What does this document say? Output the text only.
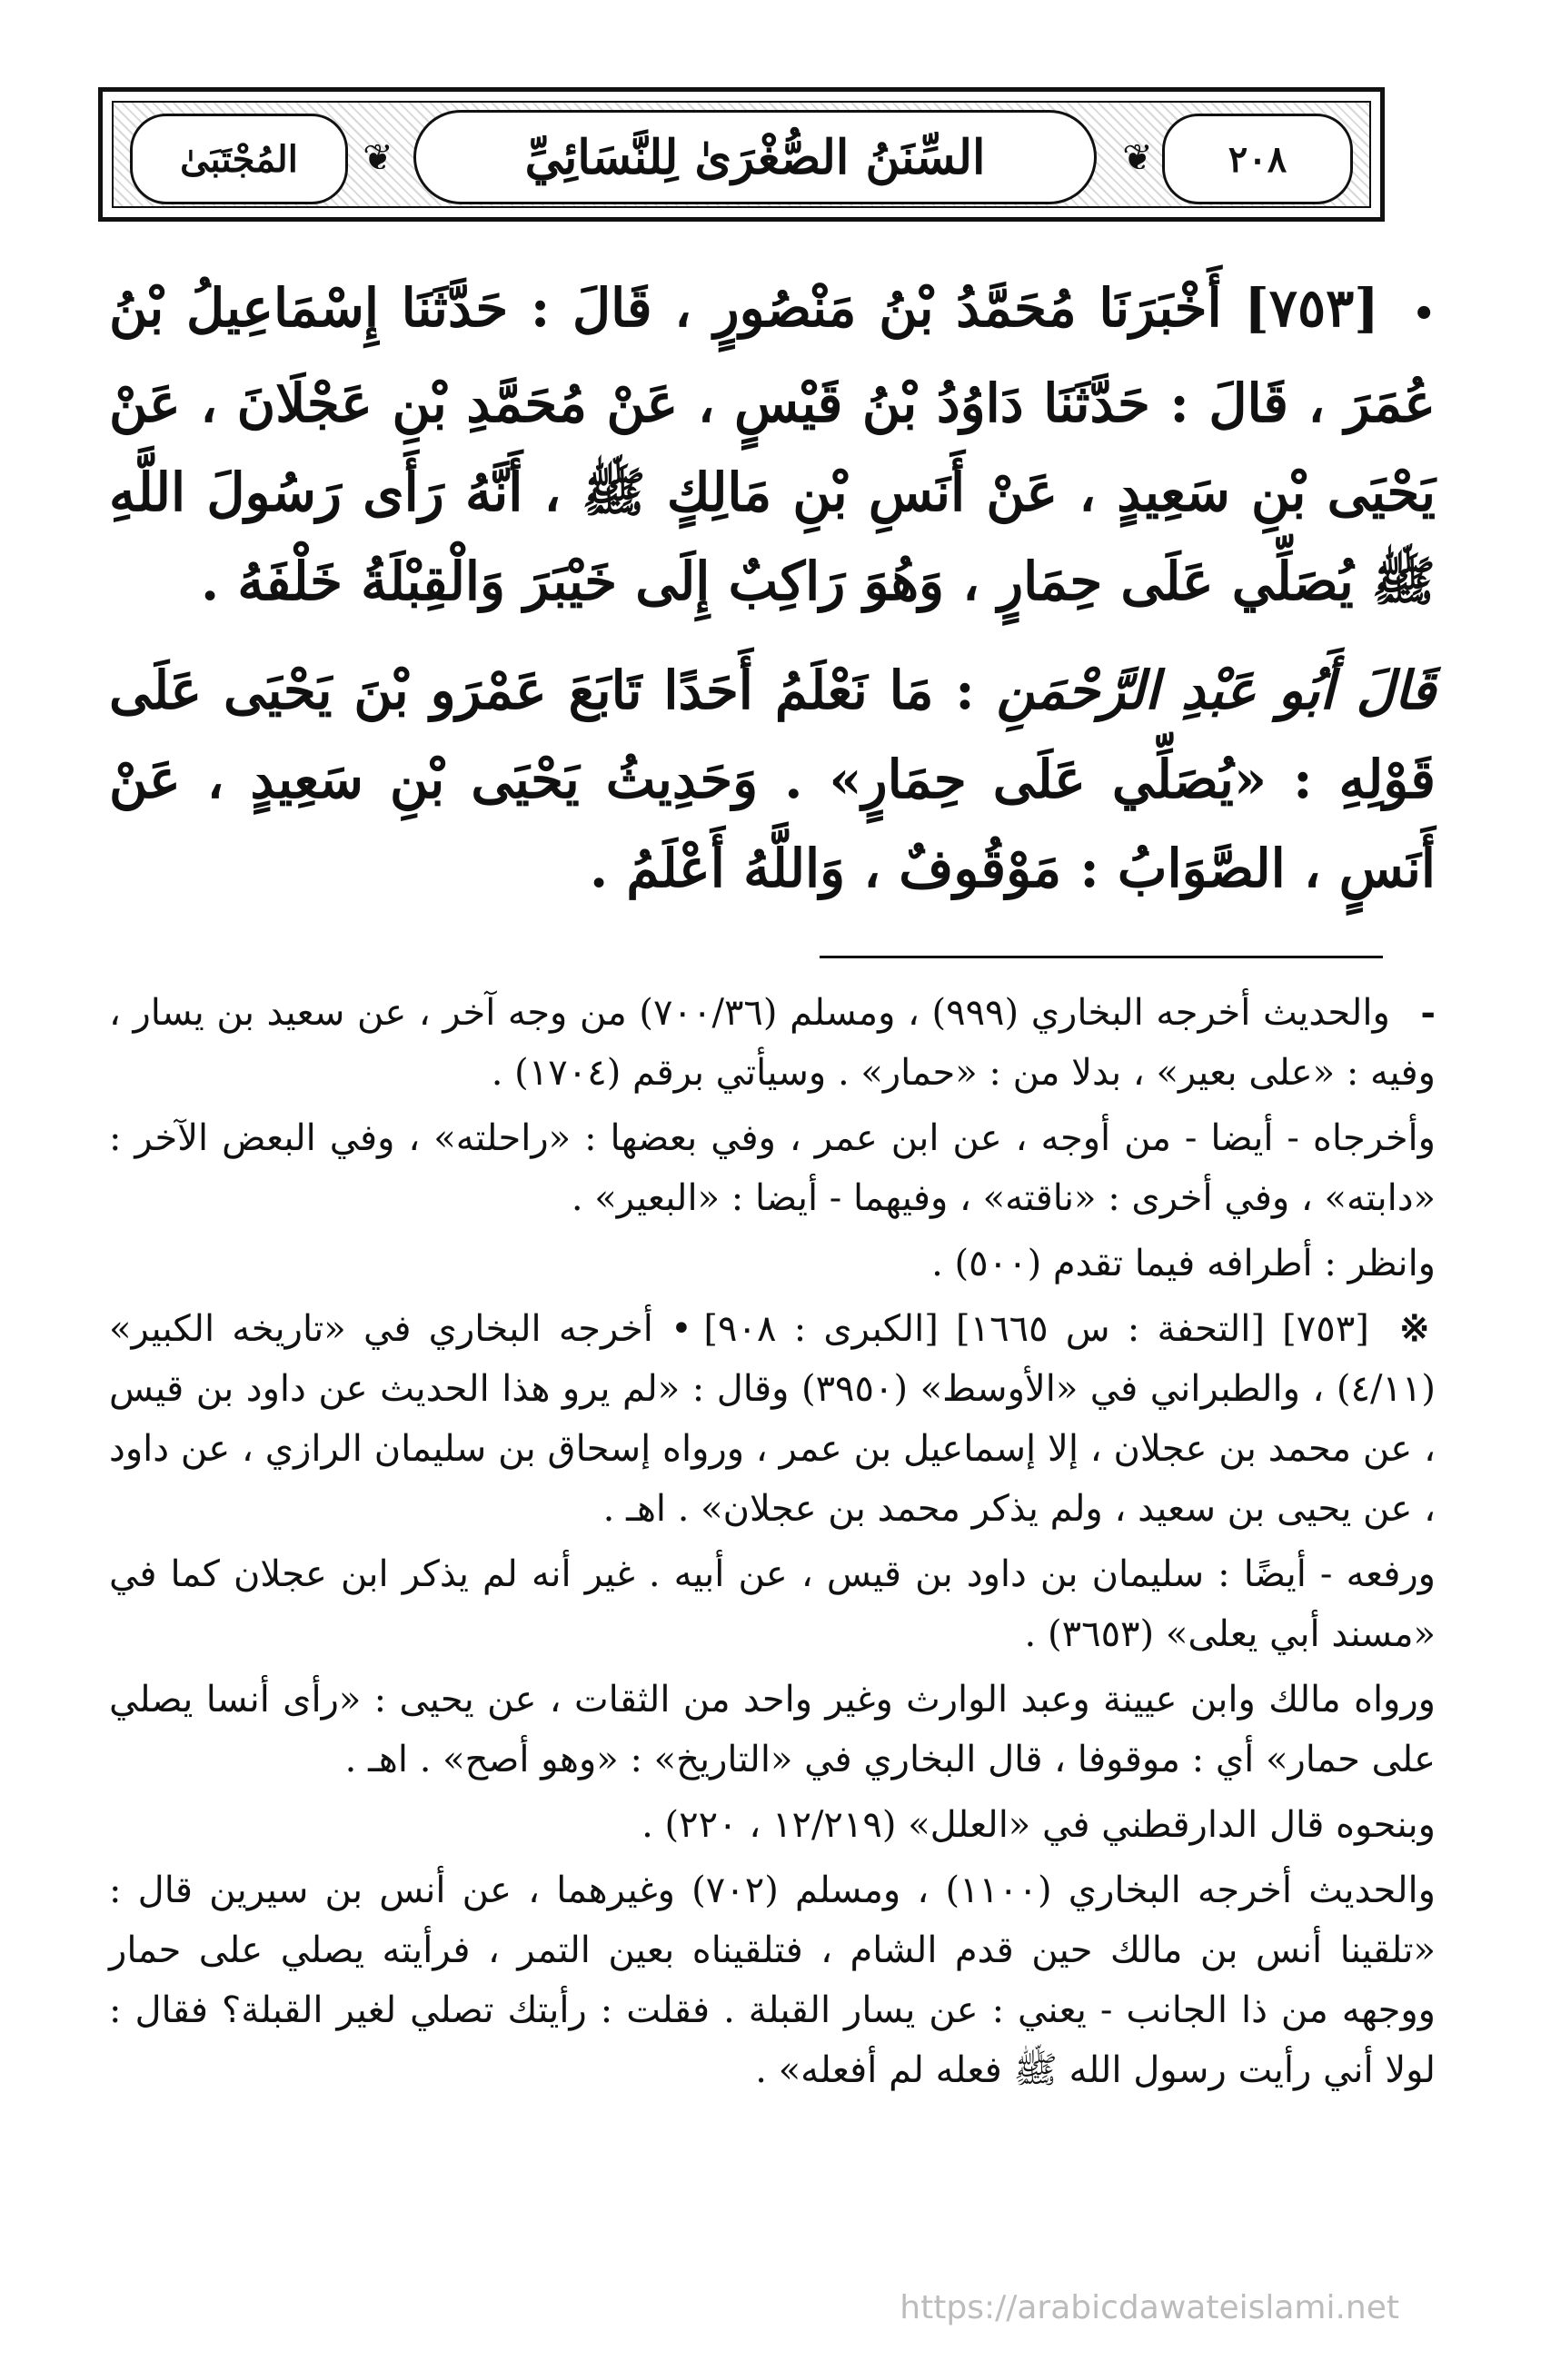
المُجْتَبَىٰ ❦	السِّنَنُ الصُّغْرَىٰ لِلنَّسَائِيِّ	❦ ٢٠٨

• [٧٥٣] أَخْبَرَنَا مُحَمَّدُ بْنُ مَنْصُورٍ ، قَالَ : حَدَّثَنَا إِسْمَاعِيلُ بْنُ عُمَرَ ، قَالَ : حَدَّثَنَا دَاوُدُ بْنُ قَيْسٍ ، عَنْ مُحَمَّدِ بْنِ عَجْلَانَ ، عَنْ يَحْيَى بْنِ سَعِيدٍ ، عَنْ أَنَسِ بْنِ مَالِكٍ ﷺ ، أَنَّهُ رَأَى رَسُولَ اللَّهِ ﷺ يُصَلِّي عَلَى حِمَارٍ ، وَهُوَ رَاكِبٌ إِلَى خَيْبَرَ وَالْقِبْلَةُ خَلْفَهُ .

قَالَ أَبُو عَبْدِ الرَّحْمَنِ : مَا نَعْلَمُ أَحَدًا تَابَعَ عَمْرَو بْنَ يَحْيَى عَلَى قَوْلِهِ : «يُصَلِّي عَلَى حِمَارٍ» . وَحَدِيثُ يَحْيَى بْنِ سَعِيدٍ ، عَنْ أَنَسٍ ، الصَّوَابُ : مَوْقُوفٌ ، وَاللَّهُ أَعْلَمُ .

- والحديث أخرجه البخاري (٩٩٩) ، ومسلم (٧٠٠/٣٦) من وجه آخر ، عن سعيد بن يسار ، وفيه : «على بعير» ، بدلا من : «حمار» . وسيأتي برقم (١٧٠٤) .

وأخرجاه - أيضا - من أوجه ، عن ابن عمر ، وفي بعضها : «راحلته» ، وفي البعض الآخر : «دابته» ، وفي أخرى : «ناقته» ، وفيهما - أيضا : «البعير» .

وانظر : أطرافه فيما تقدم (٥٠٠) .

※ [٧٥٣] [التحفة : س ١٦٦٥] [الكبرى : ٩٠٨] • أخرجه البخاري في «تاريخه الكبير» (٤/١١) ، والطبراني في «الأوسط» (٣٩٥٠) وقال : «لم يرو هذا الحديث عن داود بن قيس ، عن محمد بن عجلان ، إلا إسماعيل بن عمر ، ورواه إسحاق بن سليمان الرازي ، عن داود ، عن يحيى بن سعيد ، ولم يذكر محمد بن عجلان» . اهـ .

ورفعه - أيضًا : سليمان بن داود بن قيس ، عن أبيه . غير أنه لم يذكر ابن عجلان كما في «مسند أبي يعلى» (٣٦٥٣) .

ورواه مالك وابن عيينة وعبد الوارث وغير واحد من الثقات ، عن يحيى : «رأى أنسا يصلي على حمار» أي : موقوفا ، قال البخاري في «التاريخ» : «وهو أصح» . اهـ .

وبنحوه قال الدارقطني في «العلل» (١٢/٢١٩ ، ٢٢٠) .

والحديث أخرجه البخاري (١١٠٠) ، ومسلم (٧٠٢) وغيرهما ، عن أنس بن سيرين قال : «تلقينا أنس بن مالك حين قدم الشام ، فتلقيناه بعين التمر ، فرأيته يصلي على حمار ووجهه من ذا الجانب - يعني : عن يسار القبلة . فقلت : رأيتك تصلي لغير القبلة؟ فقال : لولا أني رأيت رسول الله ﷺ فعله لم أفعله» .

https://arabicdawateislami.net
